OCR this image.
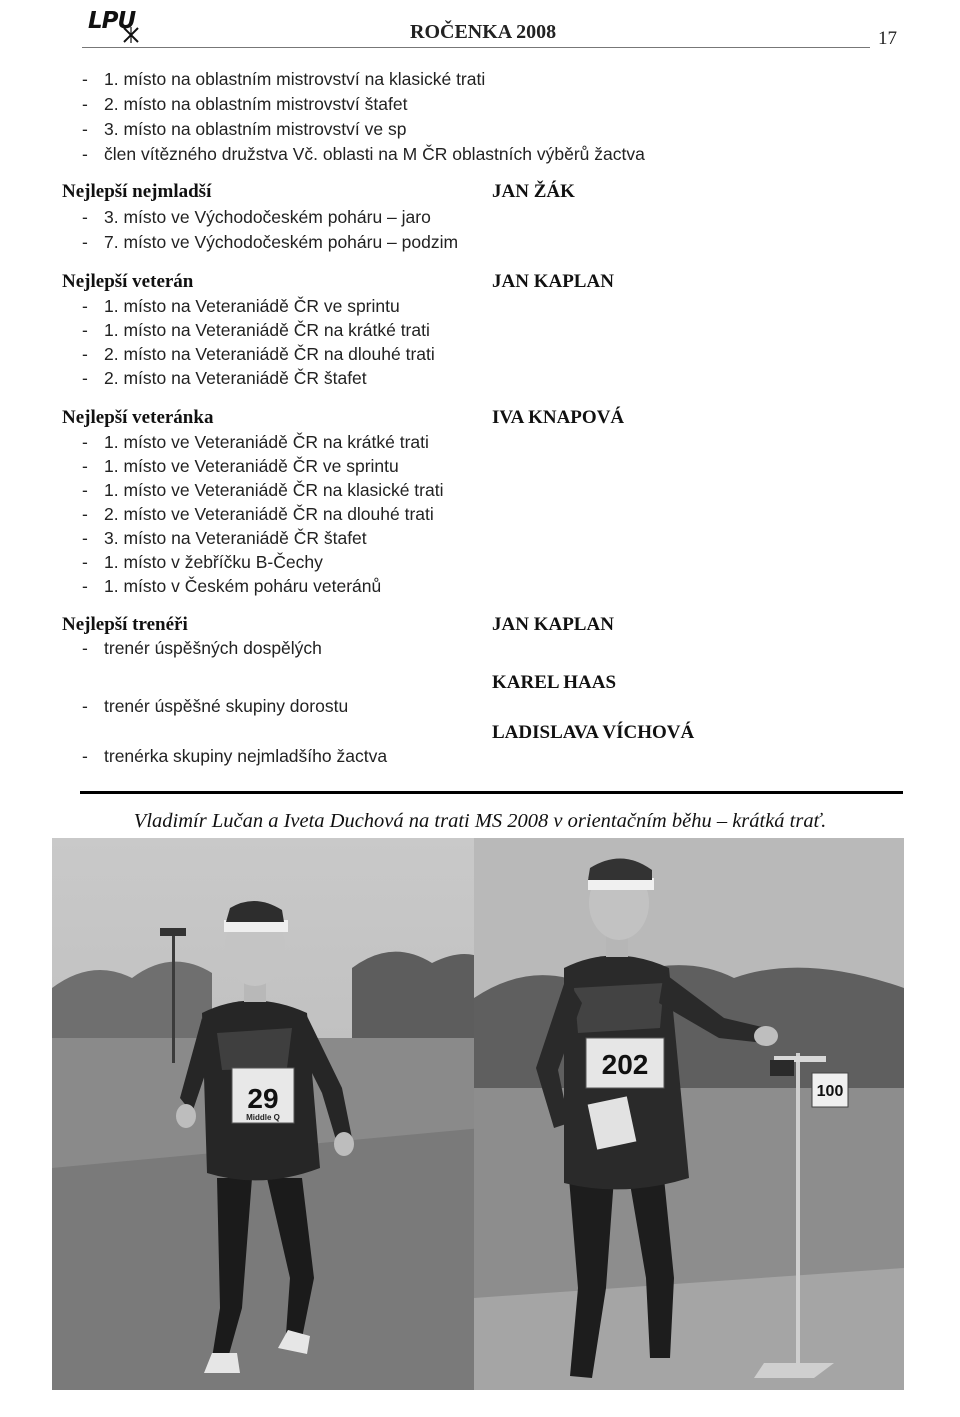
LPU	ROČENKA 2008	17
- 1. místo na oblastním mistrovství na klasické trati
- 2. místo na oblastním mistrovství štafet
- 3. místo na oblastním mistrovství ve sp
- člen vítězného družstva Vč. oblasti na M ČR oblastních výběrů žactva
Nejlepší nejmladší	JAN ŽÁK
- 3. místo ve Východočeském poháru – jaro
- 7. místo ve Východočeském poháru – podzim
Nejlepší veterán	JAN KAPLAN
- 1. místo na Veteraniádě ČR ve sprintu
- 1. místo na Veteraniádě ČR na krátké trati
- 2. místo na Veteraniádě ČR na dlouhé trati
- 2. místo na Veteraniádě ČR štafet
Nejlepší veteránka	IVA KNAPOVÁ
- 1. místo ve Veteraniádě ČR na krátké trati
- 1. místo ve Veteraniádě ČR ve sprintu
- 1. místo ve Veteraniádě ČR na klasické trati
- 2. místo ve Veteraniádě ČR na dlouhé trati
- 3. místo na Veteraniádě ČR štafet
- 1. místo v žebříčku B-Čechy
- 1. místo v Českém poháru veteránů
Nejlepší trenéři	JAN KAPLAN
- trenér úspěšných dospělých
KAREL HAAS
- trenér úspěšné skupiny dorostu
LADISLAVA VÍCHOVÁ
- trenérka skupiny nejmladšího žactva
Vladimír Lučan a Iveta Duchová na trati MS 2008 v orientačním běhu – krátká trať.
29
Middle Q
100
202
